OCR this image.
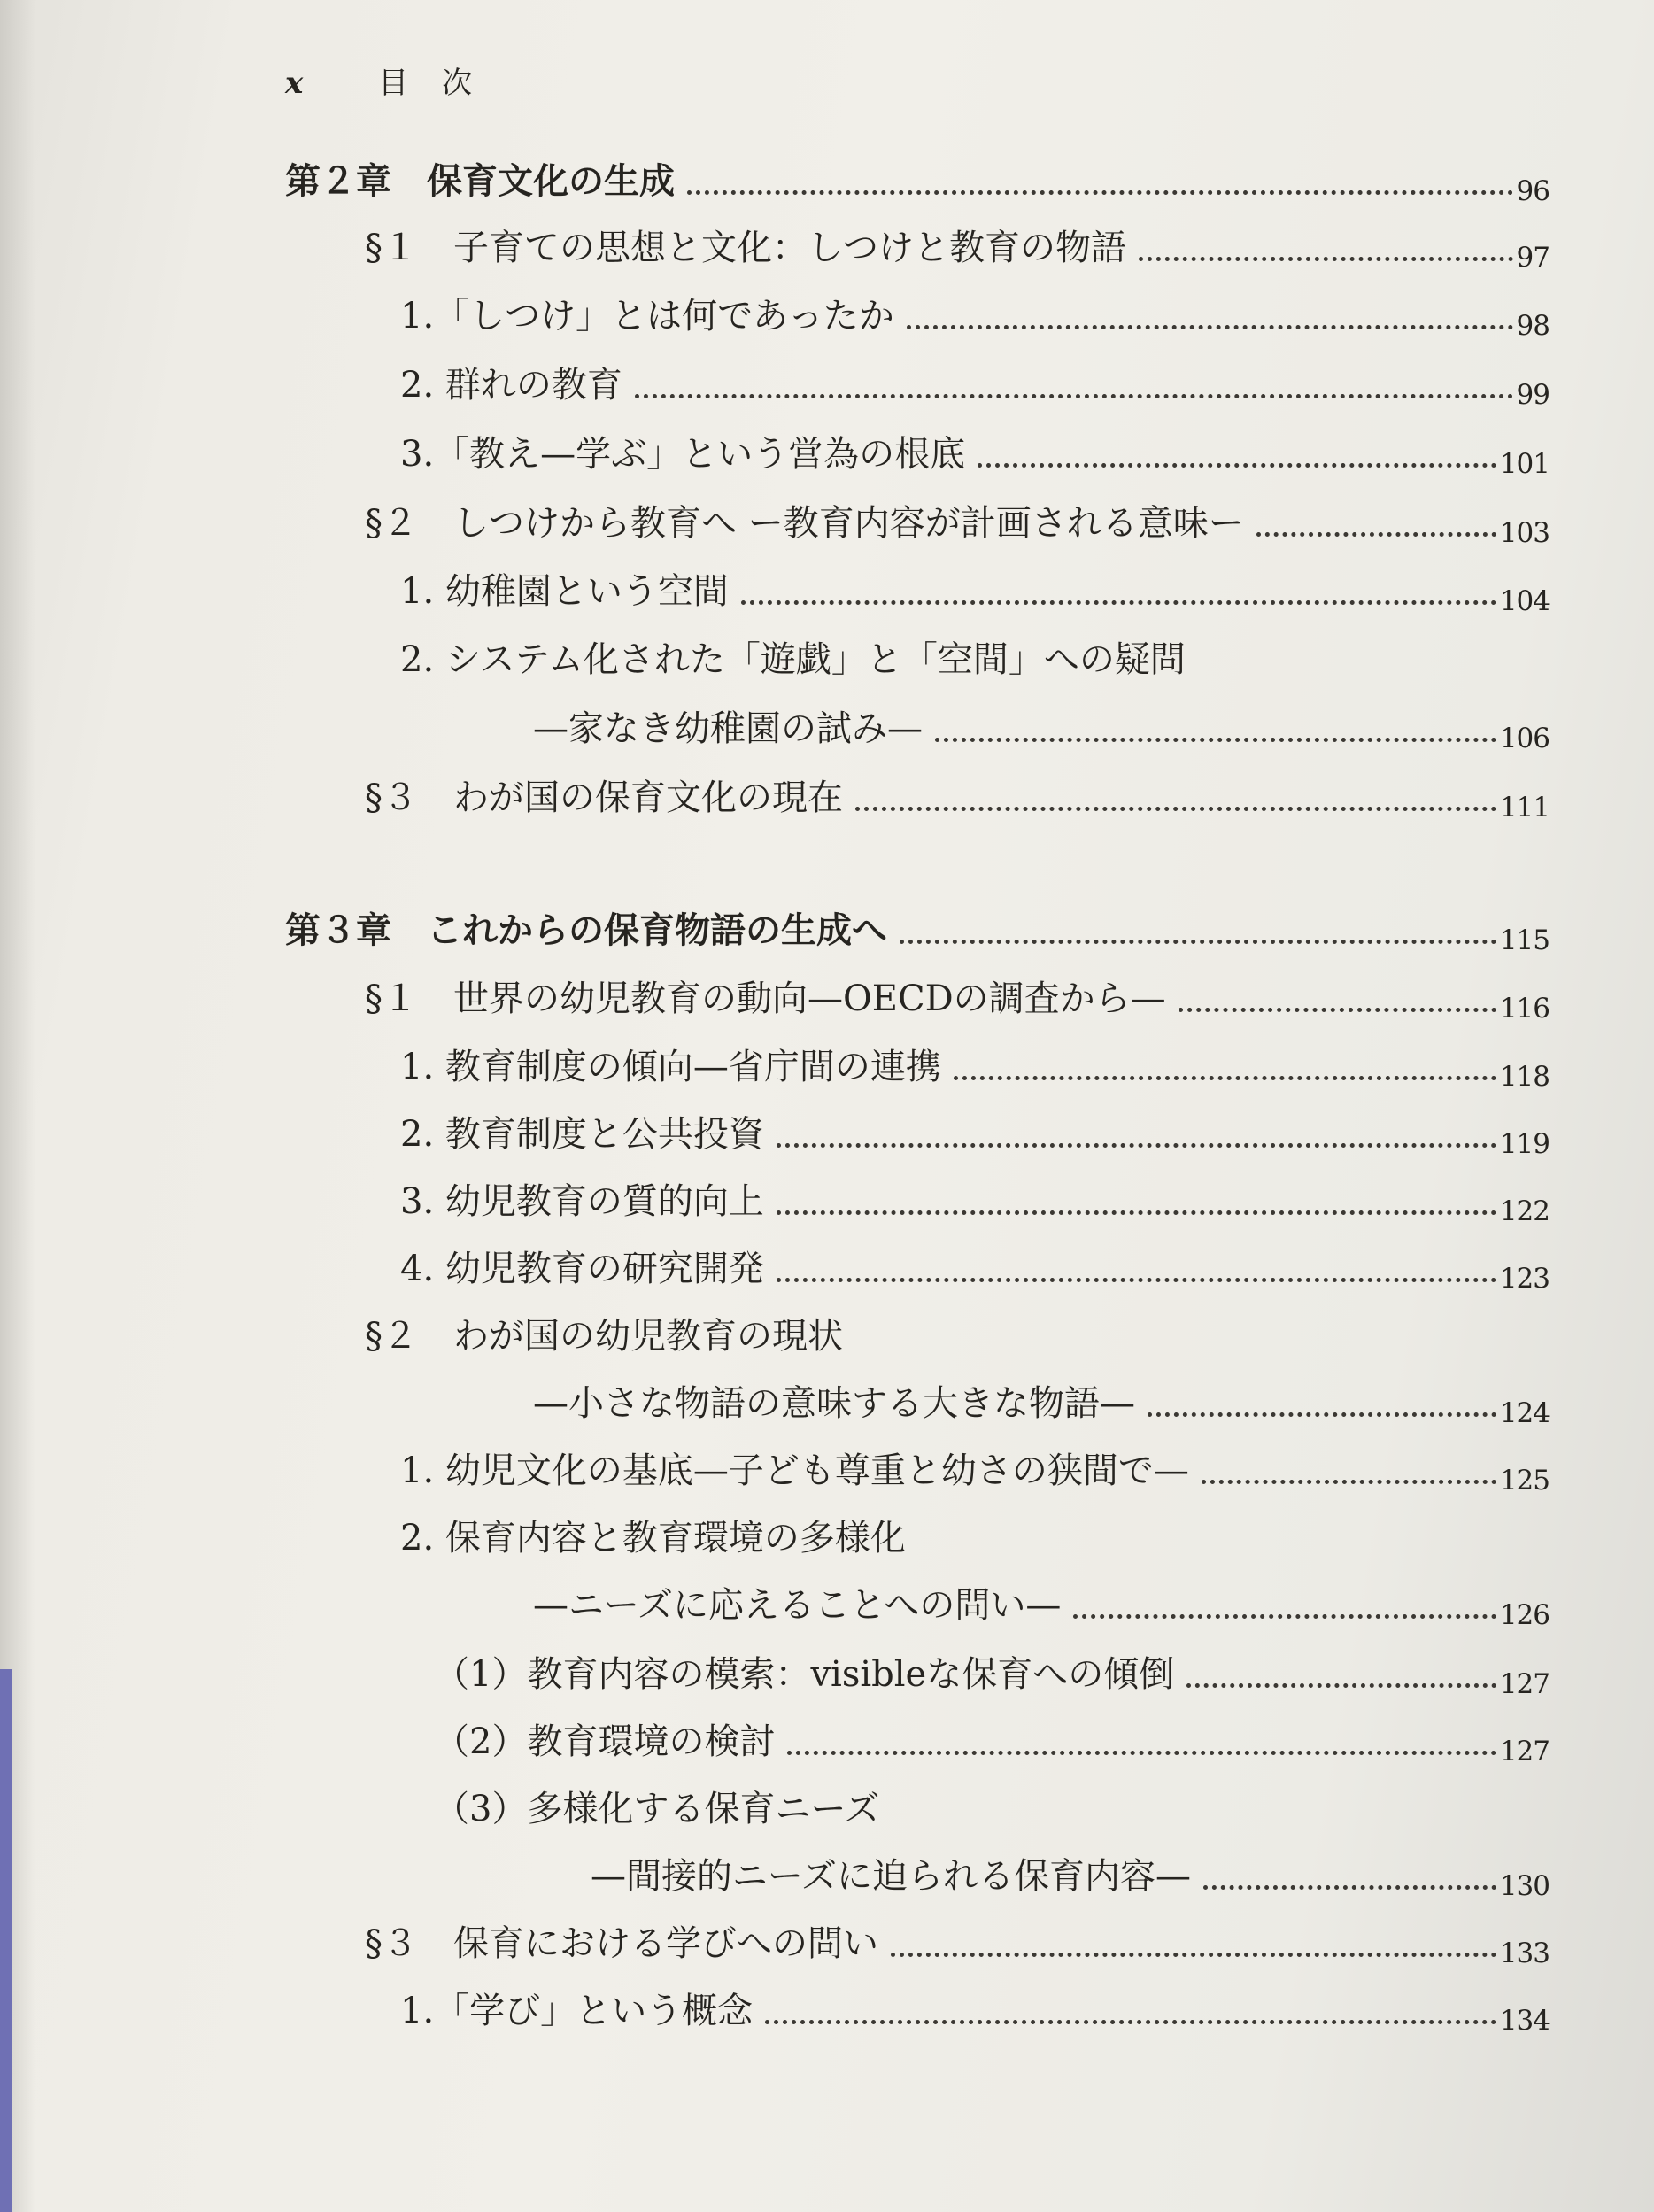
x 目　次
第２章　保育文化の生成	96
§１　子育ての思想と文化：しつけと教育の物語	97
1.「しつけ」とは何であったか	98
2. 群れの教育	99
3.「教え—学ぶ」という営為の根底	101
§２　しつけから教育へ ー教育内容が計画される意味ー	103
1. 幼稚園という空間	104
2. システム化された「遊戯」と「空間」への疑問
—家なき幼稚園の試み—	106
§３　わが国の保育文化の現在	111
第３章　これからの保育物語の生成へ	115
§１　世界の幼児教育の動向—OECDの調査から—	116
1. 教育制度の傾向—省庁間の連携	118
2. 教育制度と公共投資	119
3. 幼児教育の質的向上	122
4. 幼児教育の研究開発	123
§２　わが国の幼児教育の現状
—小さな物語の意味する大きな物語—	124
1. 幼児文化の基底—子ども尊重と幼さの狭間で—	125
2. 保育内容と教育環境の多様化
—ニーズに応えることへの問い—	126
（1）教育内容の模索：visibleな保育への傾倒	127
（2）教育環境の検討	127
（3）多様化する保育ニーズ
—間接的ニーズに迫られる保育内容—	130
§３　保育における学びへの問い	133
1.「学び」という概念	134
